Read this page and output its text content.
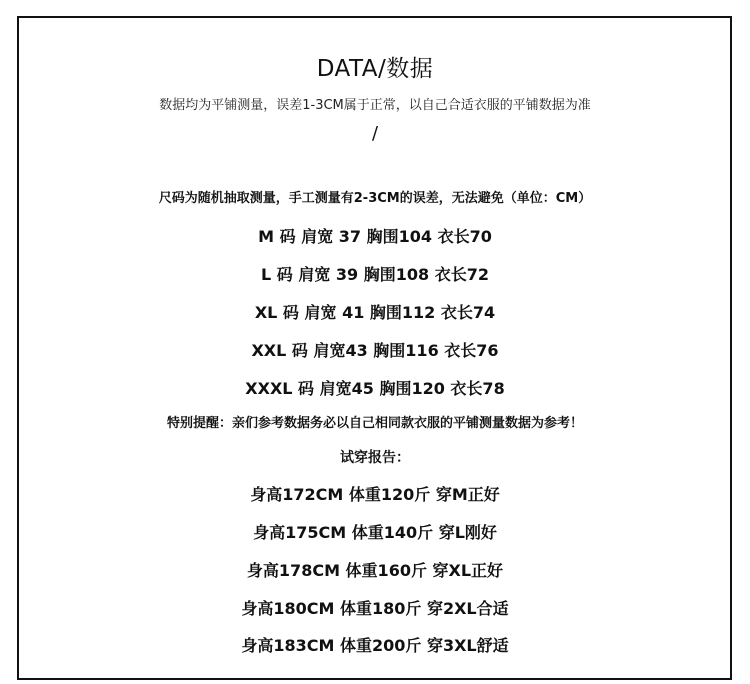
DATA/数据
数据均为平铺测量，误差1-3CM属于正常，以自己合适衣服的平铺数据为准
/
尺码为随机抽取测量，手工测量有2-3CM的误差，无法避免（单位：CM）
M 码 肩宽 37 胸围104 衣长70
L 码 肩宽 39 胸围108 衣长72
XL 码 肩宽 41 胸围112 衣长74
XXL 码 肩宽43 胸围116 衣长76
XXXL 码 肩宽45 胸围120 衣长78
特别提醒：亲们参考数据务必以自己相同款衣服的平铺测量数据为参考！
试穿报告：
身高172CM 体重120斤 穿M正好
身高175CM 体重140斤 穿L刚好
身高178CM 体重160斤 穿XL正好
身高180CM 体重180斤 穿2XL合适
身高183CM 体重200斤 穿3XL舒适
